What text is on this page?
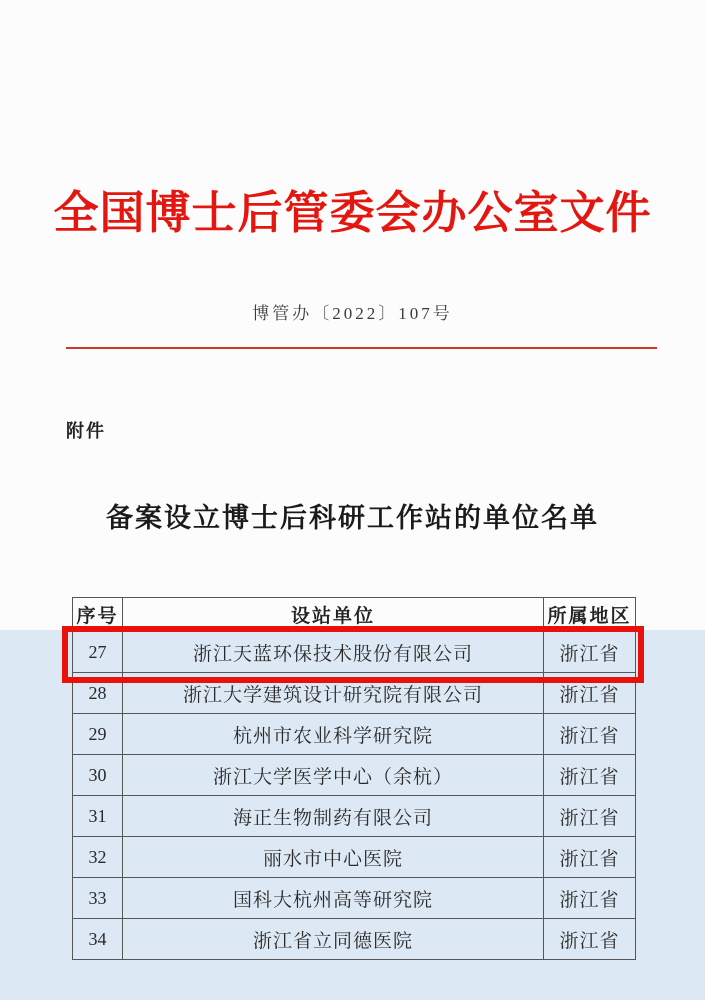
全国博士后管委会办公室文件
博管办〔2022〕107号
附件
备案设立博士后科研工作站的单位名单
序号	设站单位	所属地区
27	浙江天蓝环保技术股份有限公司	浙江省
28	浙江大学建筑设计研究院有限公司	浙江省
29	杭州市农业科学研究院	浙江省
30	浙江大学医学中心（余杭）	浙江省
31	海正生物制药有限公司	浙江省
32	丽水市中心医院	浙江省
33	国科大杭州高等研究院	浙江省
34	浙江省立同德医院	浙江省
